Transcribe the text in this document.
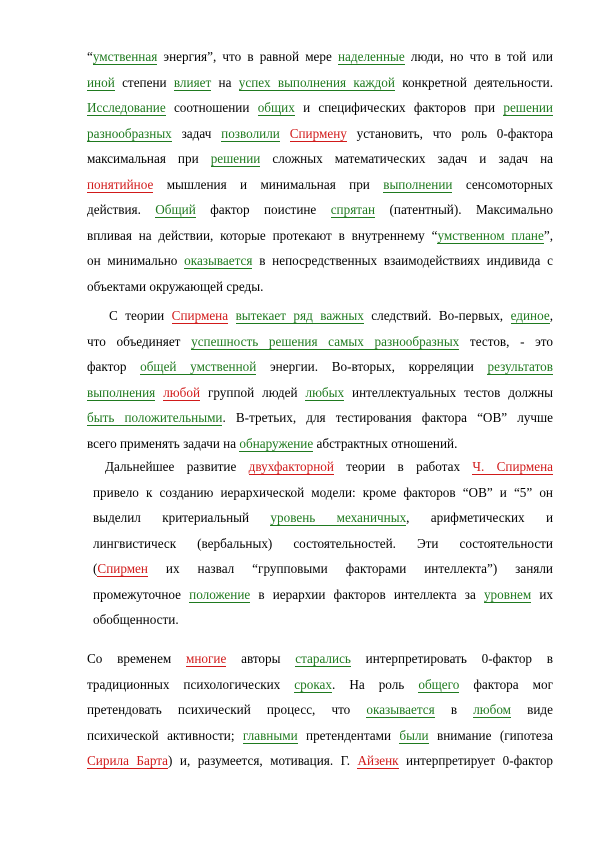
“умственная энергия”, что в равной мере наделенные люди, но что в той или
иной степени влияет на успех выполнения каждой конкретной деятельности.
Исследование соотношении общих и специфических факторов при решении
разнообразных задач позволили Спирмену установить, что роль 0-фактора
максимальная при решении сложных математических задач и задач на
понятийное мышления и минимальная при выполнении сенсомоторных
действия. Общий фактор поистине спрятан (патентный). Максимально
впливая на действии, которые протекают в внутреннему “умственном плане”,
он минимально оказывается в непосредственных взаимодействиях индивида с
объектами окружающей среды.
С теории Спирмена вытекает ряд важных следствий. Во-первых, единое,
что объединяет успешность решения самых разнообразных тестов, - это
фактор общей умственной энергии. Во-вторых, корреляции результатов
выполнения любой группой людей любых интеллектуальных тестов должны
быть положительными. В-третьих, для тестирования фактора “ОВ” лучше
всего применять задачи на обнаружение абстрактных отношений.
Дальнейшее развитие двухфакторной теории в работах Ч. Спирмена
привело к созданию иерархической модели: кроме факторов “ОВ” и “5” он
выделил критериальный уровень механичных, арифметических и
лингвистическ (вербальных) состоятельностей. Эти состоятельности
(Спирмен их назвал “групповыми факторами интеллекта”) заняли
промежуточное положение в иерархии факторов интеллекта за уровнем их
обобщенности.
Со временем многие авторы старались интерпретировать 0-фактор в
традиционных психологических сроках. На роль общего фактора мог
претендовать психический процесс, что оказывается в любом виде
психической активности; главными претендентами были внимание (гипотеза
Сирила Барта) и, разумеется, мотивация. Г. Айзенк интерпретирует 0-фактор
